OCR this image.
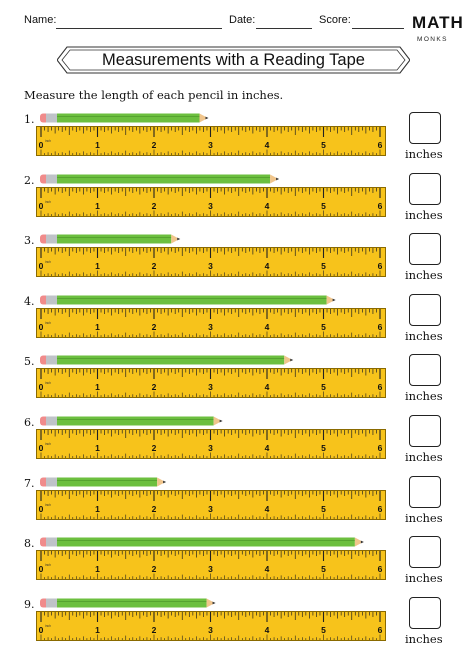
Name:	Date:	Score:	MATH
MONKS
Measurements with a Reading Tape
Measure the length of each pencil in inches.
1.
0	1	2	3	4	5	6
inch
inches
2.
0	1	2	3	4	5	6
inch
inches
3.
0	1	2	3	4	5	6
inch
inches
4.
0	1	2	3	4	5	6
inch
inches
5.
0	1	2	3	4	5	6
inch
inches
6.
0	1	2	3	4	5	6
inch
inches
7.
0	1	2	3	4	5	6
inch
inches
8.
0	1	2	3	4	5	6
inch
inches
9.
0	1	2	3	4	5	6
inch
inches
